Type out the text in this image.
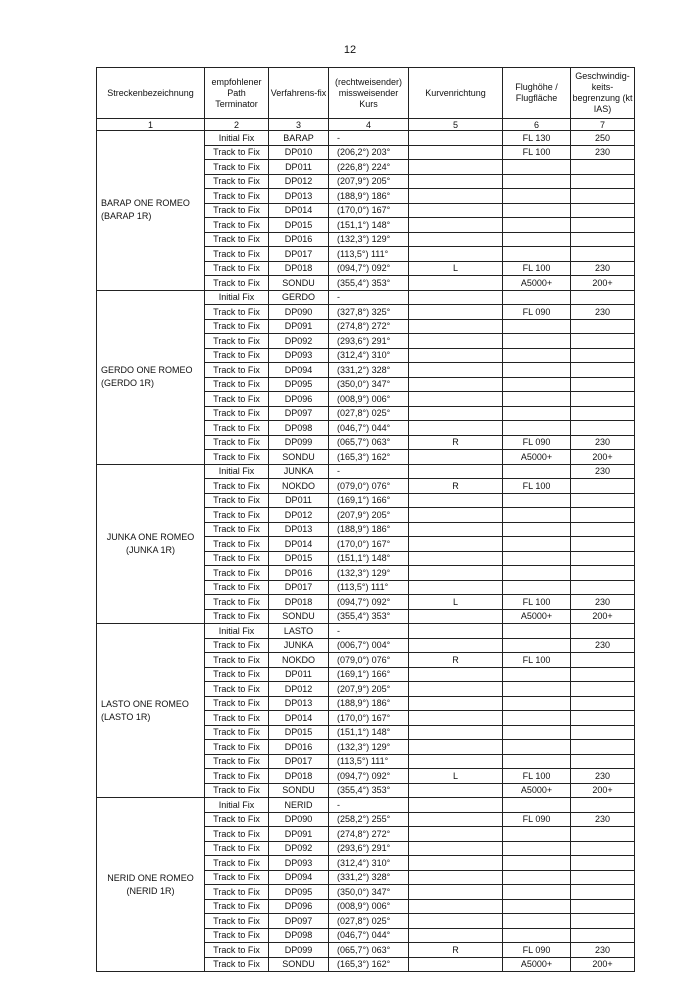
12
Streckenbezeichnung	empfohlener Path Terminator	Verfahrens-fix	(rechtweisender) missweisender Kurs	Kurvenrichtung	Flughöhe / Flugfläche	Geschwindig-keits-begrenzung (kt IAS)
1	2	3	4	5	6	7

BARAP ONE ROMEO
(BARAP 1R)	Initial Fix	BARAP	-		FL 130	250
	Track to Fix	DP010	(206,2°) 203°		FL 100	230
	Track to Fix	DP011	(226,8°) 224°			
	Track to Fix	DP012	(207,9°) 205°			
	Track to Fix	DP013	(188,9°) 186°			
	Track to Fix	DP014	(170,0°) 167°			
	Track to Fix	DP015	(151,1°) 148°			
	Track to Fix	DP016	(132,3°) 129°			
	Track to Fix	DP017	(113,5°) 111°			
	Track to Fix	DP018	(094,7°) 092°	L	FL 100	230
	Track to Fix	SONDU	(355,4°) 353°		A5000+	200+

GERDO ONE ROMEO
(GERDO 1R)	Initial Fix	GERDO	-			
	Track to Fix	DP090	(327,8°) 325°		FL 090	230
	Track to Fix	DP091	(274,8°) 272°			
	Track to Fix	DP092	(293,6°) 291°			
	Track to Fix	DP093	(312,4°) 310°			
	Track to Fix	DP094	(331,2°) 328°			
	Track to Fix	DP095	(350,0°) 347°			
	Track to Fix	DP096	(008,9°) 006°			
	Track to Fix	DP097	(027,8°) 025°			
	Track to Fix	DP098	(046,7°) 044°			
	Track to Fix	DP099	(065,7°) 063°	R	FL 090	230
	Track to Fix	SONDU	(165,3°) 162°		A5000+	200+

JUNKA ONE ROMEO
(JUNKA 1R)	Initial Fix	JUNKA	-			230
	Track to Fix	NOKDO	(079,0°) 076°	R	FL 100	
	Track to Fix	DP011	(169,1°) 166°			
	Track to Fix	DP012	(207,9°) 205°			
	Track to Fix	DP013	(188,9°) 186°			
	Track to Fix	DP014	(170,0°) 167°			
	Track to Fix	DP015	(151,1°) 148°			
	Track to Fix	DP016	(132,3°) 129°			
	Track to Fix	DP017	(113,5°) 111°			
	Track to Fix	DP018	(094,7°) 092°	L	FL 100	230
	Track to Fix	SONDU	(355,4°) 353°		A5000+	200+

LASTO ONE ROMEO
(LASTO 1R)	Initial Fix	LASTO	-			
	Track to Fix	JUNKA	(006,7°) 004°			230
	Track to Fix	NOKDO	(079,0°) 076°	R	FL 100	
	Track to Fix	DP011	(169,1°) 166°			
	Track to Fix	DP012	(207,9°) 205°			
	Track to Fix	DP013	(188,9°) 186°			
	Track to Fix	DP014	(170,0°) 167°			
	Track to Fix	DP015	(151,1°) 148°			
	Track to Fix	DP016	(132,3°) 129°			
	Track to Fix	DP017	(113,5°) 111°			
	Track to Fix	DP018	(094,7°) 092°	L	FL 100	230
	Track to Fix	SONDU	(355,4°) 353°		A5000+	200+

NERID ONE ROMEO
(NERID 1R)	Initial Fix	NERID	-			
	Track to Fix	DP090	(258,2°) 255°		FL 090	230
	Track to Fix	DP091	(274,8°) 272°			
	Track to Fix	DP092	(293,6°) 291°			
	Track to Fix	DP093	(312,4°) 310°			
	Track to Fix	DP094	(331,2°) 328°			
	Track to Fix	DP095	(350,0°) 347°			
	Track to Fix	DP096	(008,9°) 006°			
	Track to Fix	DP097	(027,8°) 025°			
	Track to Fix	DP098	(046,7°) 044°			
	Track to Fix	DP099	(065,7°) 063°	R	FL 090	230
	Track to Fix	SONDU	(165,3°) 162°		A5000+	200+
